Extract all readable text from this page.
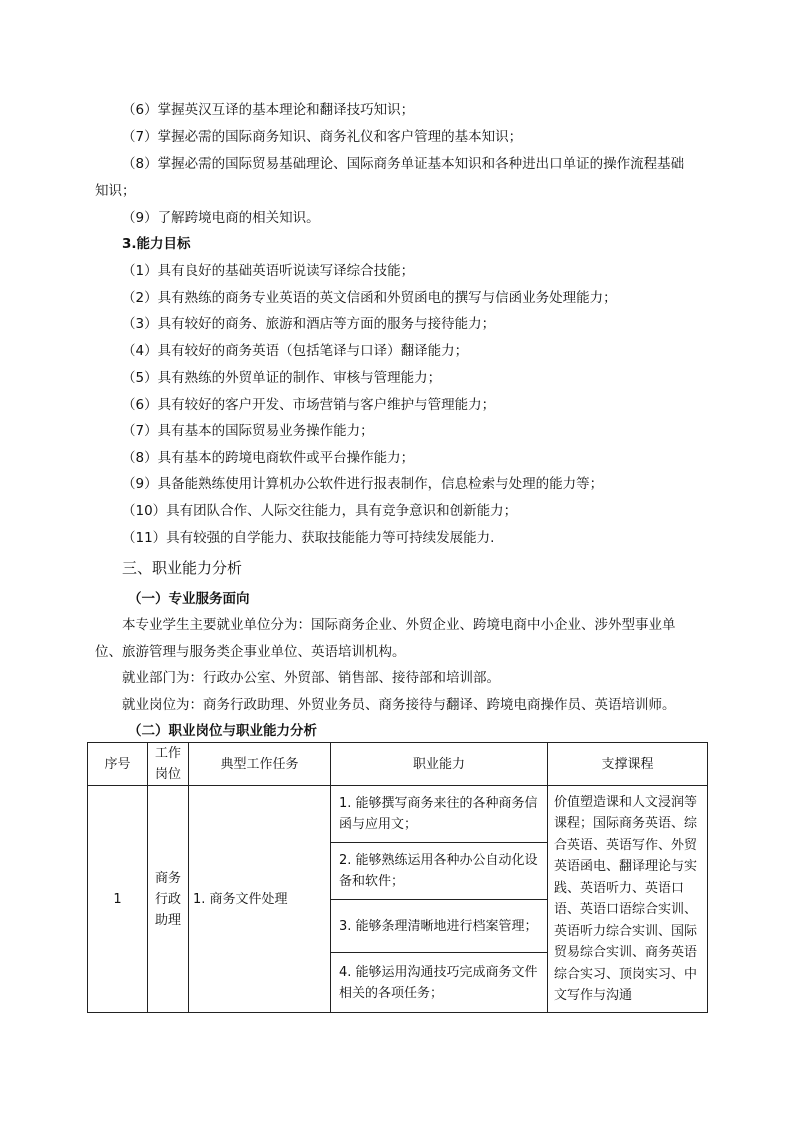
（6）掌握英汉互译的基本理论和翻译技巧知识；
（7）掌握必需的国际商务知识、商务礼仪和客户管理的基本知识；
（8）掌握必需的国际贸易基础理论、国际商务单证基本知识和各种进出口单证的操作流程基础
知识；
（9）了解跨境电商的相关知识。
3.能力目标
（1）具有良好的基础英语听说读写译综合技能；
（2）具有熟练的商务专业英语的英文信函和外贸函电的撰写与信函业务处理能力；
（3）具有较好的商务、旅游和酒店等方面的服务与接待能力；
（4）具有较好的商务英语（包括笔译与口译）翻译能力；
（5）具有熟练的外贸单证的制作、审核与管理能力；
（6）具有较好的客户开发、市场营销与客户维护与管理能力；
（7）具有基本的国际贸易业务操作能力；
（8）具有基本的跨境电商软件或平台操作能力；
（9）具备能熟练使用计算机办公软件进行报表制作，信息检索与处理的能力等；
（10）具有团队合作、人际交往能力，具有竞争意识和创新能力；
（11）具有较强的自学能力、获取技能能力等可持续发展能力.
三、职业能力分析
（一）专业服务面向
本专业学生主要就业单位分为：国际商务企业、外贸企业、跨境电商中小企业、涉外型事业单
位、旅游管理与服务类企事业单位、英语培训机构。
就业部门为：行政办公室、外贸部、销售部、接待部和培训部。
就业岗位为：商务行政助理、外贸业务员、商务接待与翻译、跨境电商操作员、英语培训师。
（二）职业岗位与职业能力分析
序号	工作岗位	典型工作任务	职业能力	支撑课程
1	商务行政助理	1. 商务文件处理	1. 能够撰写商务来往的各种商务信函与应用文；
2. 能够熟练运用各种办公自动化设备和软件；
3. 能够条理清晰地进行档案管理；
4. 能够运用沟通技巧完成商务文件相关的各项任务；	价值塑造课和人文浸润等课程；国际商务英语、综合英语、英语写作、外贸英语函电、翻译理论与实践、英语听力、英语口语、英语口语综合实训、英语听力综合实训、国际贸易综合实训、商务英语综合实习、顶岗实习、中文写作与沟通
